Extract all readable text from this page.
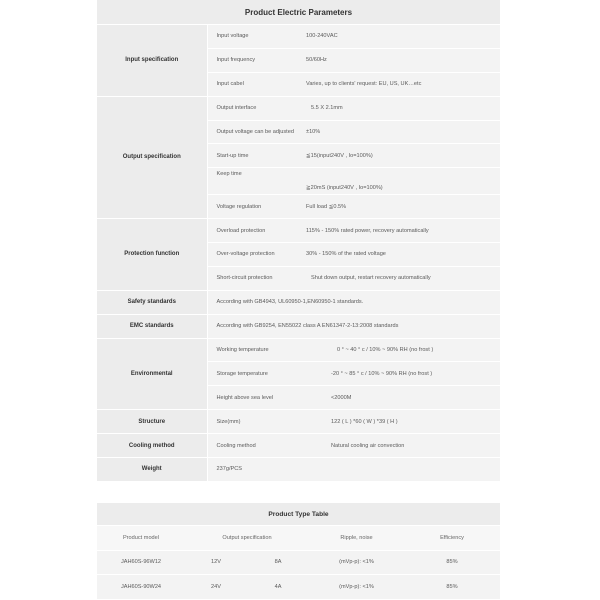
Product Electric Parameters		
Input specification	Input voltage	100-240VAC
	Input frequency	50/60Hz
	Input cabel	Varies, up to clients' request: EU, US, UK…etc
Output specification	Output interface	5.5 X 2.1mm
	Output voltage can be adjusted	±10%
	Start-up time	≦15(input240V , Io=100%)
	Keep time	≧20mS (input240V , Io=100%)
	Voltage regulation	Full load ≦0.5%
Protection function	Overload protection	115% - 150% rated power, recovery automatically
	Over-voltage protection	30% - 150% of the rated voltage
	Short-circuit protection	Shut down output, restart recovery automatically
Safety standards	According with GB4943, UL60950-1,EN60950-1 standards.	
EMC standards	According with GB9254, EN55022 class A EN61347-2-13:2008 standards	
Environmental	Working temperature	0 ° ~ 40 ° c / 10% ~ 90% RH (no frost )
	Storage temperature	-20 ° ~ 85 ° c / 10% ~ 90% RH (no frost )
	Height above sea level	<2000M
Structure	Size(mm)	122 ( L ) *60 ( W ) *39 ( H )
Cooling method	Cooling method	Natural cooling air convection
Weight	237g/PCS	
Product Type Table				
Product model	Output specification		Ripple, noise	Efficiency
JAH60S-96W12	12V	8A	(mVp-p): <1%	85%
JAH60S-90W24	24V	4A	(mVp-p): <1%	85%
